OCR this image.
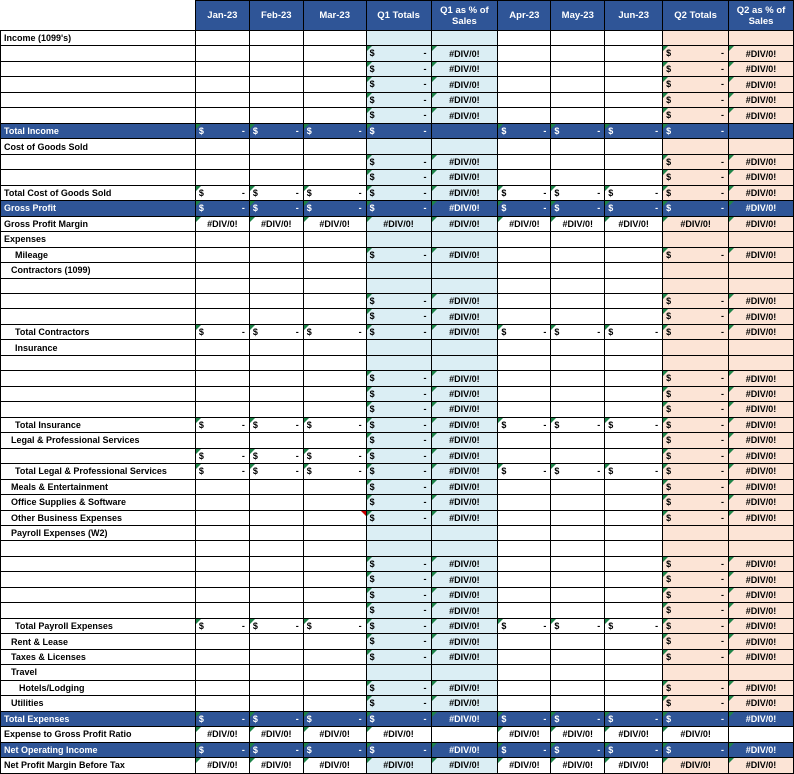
	Jan-23	Feb-23	Mar-23	Q1 Totals	Q1 as % of Sales	Apr-23	May-23	Jun-23	Q2 Totals	Q2 as % of Sales
Income (1099's)										

				$ -	#DIV/0!				$ -	#DIV/0!

				$ -	#DIV/0!				$ -	#DIV/0!

				$ -	#DIV/0!				$ -	#DIV/0!

				$ -	#DIV/0!				$ -	#DIV/0!

				$ -	#DIV/0!				$ -	#DIV/0!
Total Income	$ -	$ -	$ -	$ -		$ -	$ -	$ -	$ -	

Cost of Goods Sold										

				$ -	#DIV/0!				$ -	#DIV/0!

				$ -	#DIV/0!				$ -	#DIV/0!
Total Cost of Goods Sold	$ -	$ -	$ -	$ -	#DIV/0!	$ -	$ -	$ -	$ -	#DIV/0!
Gross Profit	$ -	$ -	$ -	$ -	#DIV/0!	$ -	$ -	$ -	$ -	#DIV/0!
Gross Profit Margin	#DIV/0!	#DIV/0!	#DIV/0!	#DIV/0!	#DIV/0!	#DIV/0!	#DIV/0!	#DIV/0!	#DIV/0!	#DIV/0!
Expenses										
Mileage				$ -	#DIV/0!				$ -	#DIV/0!
Contractors (1099)										

				$ -	#DIV/0!				$ -	#DIV/0!

				$ -	#DIV/0!				$ -	#DIV/0!
Total Contractors	$ -	$ -	$ -	$ -	#DIV/0!	$ -	$ -	$ -	$ -	#DIV/0!
Insurance										

				$ -	#DIV/0!				$ -	#DIV/0!

				$ -	#DIV/0!				$ -	#DIV/0!

				$ -	#DIV/0!				$ -	#DIV/0!
Total Insurance	$ -	$ -	$ -	$ -	#DIV/0!	$ -	$ -	$ -	$ -	#DIV/0!
Legal & Professional Services				$ -	#DIV/0!				$ -	#DIV/0!

	$ -	$ -	$ -	$ -	#DIV/0!				$ -	#DIV/0!
Total Legal & Professional Services	$ -	$ -	$ -	$ -	#DIV/0!	$ -	$ -	$ -	$ -	#DIV/0!
Meals & Entertainment				$ -	#DIV/0!				$ -	#DIV/0!
Office Supplies & Software				$ -	#DIV/0!				$ -	#DIV/0!
Other Business Expenses				$ -	#DIV/0!				$ -	#DIV/0!
Payroll Expenses (W2)										

				$ -	#DIV/0!				$ -	#DIV/0!

				$ -	#DIV/0!				$ -	#DIV/0!

				$ -	#DIV/0!				$ -	#DIV/0!

				$ -	#DIV/0!				$ -	#DIV/0!
Total Payroll Expenses	$ -	$ -	$ -	$ -	#DIV/0!	$ -	$ -	$ -	$ -	#DIV/0!
Rent & Lease				$ -	#DIV/0!				$ -	#DIV/0!
Taxes & Licenses				$ -	#DIV/0!				$ -	#DIV/0!
Travel										
Hotels/Lodging				$ -	#DIV/0!				$ -	#DIV/0!
Utilities				$ -	#DIV/0!				$ -	#DIV/0!
Total Expenses	$ -	$ -	$ -	$ -	#DIV/0!	$ -	$ -	$ -	$ -	#DIV/0!
Expense to Gross Profit Ratio	#DIV/0!	#DIV/0!	#DIV/0!	#DIV/0!		#DIV/0!	#DIV/0!	#DIV/0!	#DIV/0!	
Net Operating Income	$ -	$ -	$ -	$ -	#DIV/0!	$ -	$ -	$ -	$ -	#DIV/0!
Net Profit Margin Before Tax	#DIV/0!	#DIV/0!	#DIV/0!	#DIV/0!	#DIV/0!	#DIV/0!	#DIV/0!	#DIV/0!	#DIV/0!	#DIV/0!
